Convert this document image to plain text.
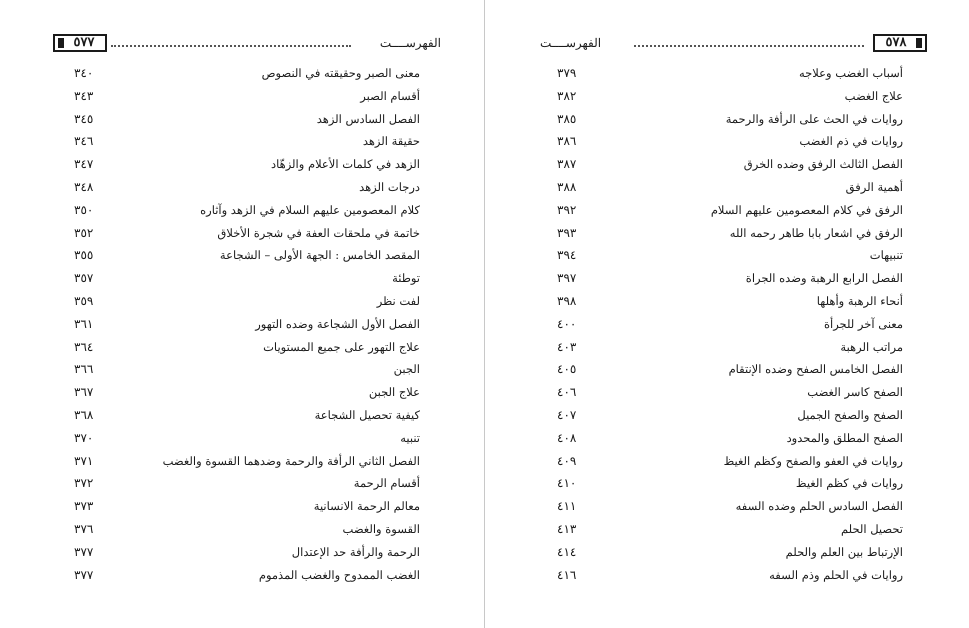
٥٧٧	الفهرســــت
معنى الصبر وحقيقته في النصوص
٣٤٠
أقسام الصبر
٣٤٣
الفصل السادس الزهد
٣٤٥
حقيقة الزهد
٣٤٦
الزهد في كلمات الأعلام والزهّاد
٣٤٧
درجات الزهد
٣٤٨
كلام المعصومين عليهم السلام في الزهد وآثاره
٣٥٠
خاتمة في ملحقات العفة في شجرة الأخلاق
٣٥٢
المقصد الخامس : الجهة الأولى – الشجاعة
٣٥٥
توطئة
٣٥٧
لفت نظر
٣٥٩
الفصل الأول الشجاعة وضده التهور
٣٦١
علاج التهور على جميع المستويات
٣٦٤
الجبن
٣٦٦
علاج الجبن
٣٦٧
كيفية تحصيل الشجاعة
٣٦٨
تنبيه
٣٧٠
الفصل الثاني الرأفة والرحمة وضدهما القسوة والغضب
٣٧١
أقسام الرحمة
٣٧٢
معالم الرحمة الانسانية
٣٧٣
القسوة والغضب
٣٧٦
الرحمة والرأفة حد الإعتدال
٣٧٧
الغضب الممدوح والغضب المذموم
٣٧٧
٥٧٨
الفهرســــت
أسباب الغضب وعلاجه
٣٧٩
علاج الغضب
٣٨٢
روايات في الحث على الرأفة والرحمة
٣٨٥
روايات في ذم الغضب
٣٨٦
الفصل الثالث الرفق وضده الخرق
٣٨٧
أهمية الرفق
٣٨٨
الرفق في كلام المعصومين عليهم السلام
٣٩٢
الرفق في اشعار بابا طاهر رحمه الله
٣٩٣
تنبيهات
٣٩٤
الفصل الرابع الرهبة وضده الجراة
٣٩٧
أنحاء الرهبة وأهلها
٣٩٨
معنى آخر للجرأة
٤٠٠
مراتب الرهبة
٤٠٣
الفصل الخامس الصفح وضده الإنتقام
٤٠٥
الصفح كاسر الغضب
٤٠٦
الصفح والصفح الجميل
٤٠٧
الصفح المطلق والمحدود
٤٠٨
روايات في العفو والصفح وكظم الغيظ
٤٠٩
روايات في كظم الغيظ
٤١٠
الفصل السادس الحلم وضده السفه
٤١١
تحصيل الحلم
٤١٣
الإرتباط بين العلم والحلم
٤١٤
روايات في الحلم وذم السفه
٤١٦
